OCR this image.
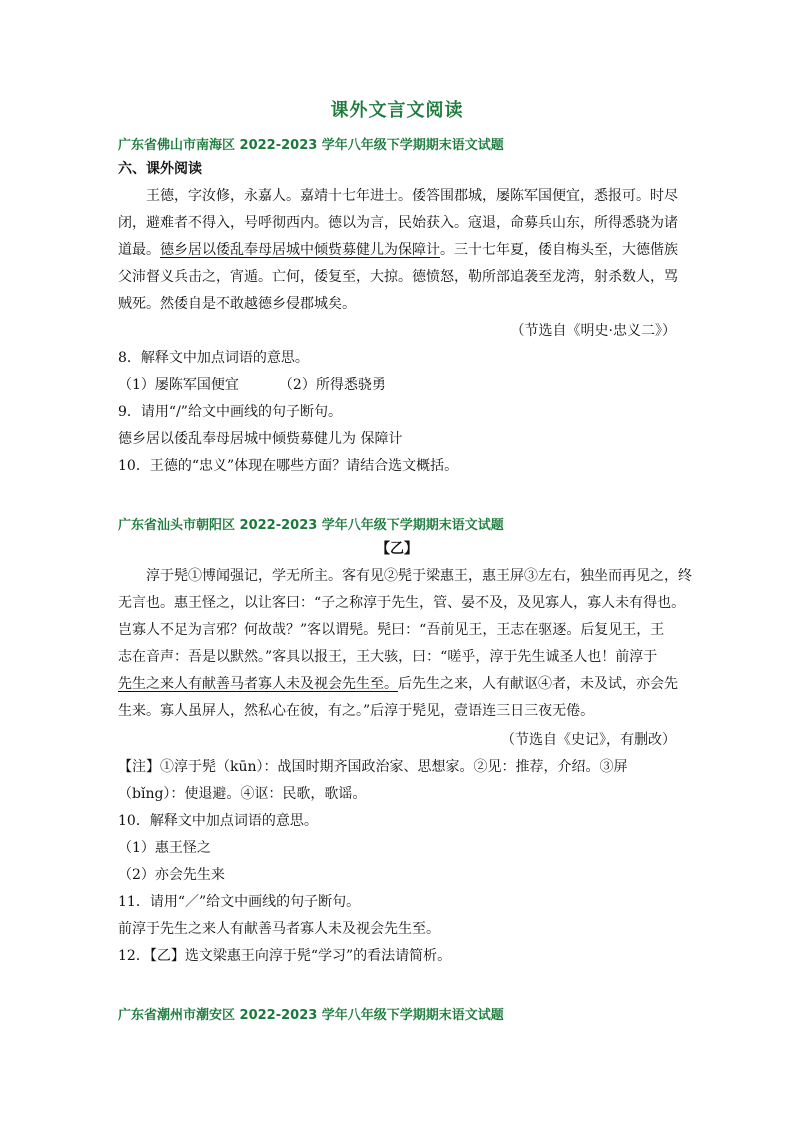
课外文言文阅读
广东省佛山市南海区 2022-2023 学年八年级下学期期末语文试题
六、课外阅读
王德，字汝修，永嘉人。嘉靖十七年进士。倭答围郡城，屡陈军国便宜，悉报可。时尽
闭，避难者不得入，号呼彻西内。德以为言，民始获入。寇退，命募兵山东，所得悉骁为诸
道最。德乡居以倭乱奉母居城中倾赀募健儿为保障计。三十七年夏，倭自梅头至，大德偕族
父沛督义兵击之，宵遁。亡何，倭复至，大掠。德愤怒，勒所部追袭至龙湾，射杀数人，骂
贼死。然倭自是不敢越德乡侵郡城矣。
（节选自《明史·忠义二》）
8．解释文中加点词语的意思。
（1）屡陈军国便宜	（2）所得悉骁勇
9．请用“/”给文中画线的句子断句。
德乡居以倭乱奉母居城中倾赀募健儿为 保障计
10．王德的“忠义”体现在哪些方面？请结合选文概括。
广东省汕头市朝阳区 2022-2023 学年八年级下学期期末语文试题
【乙】
淳于髡①博闻强记，学无所主。客有见②髡于梁惠王，惠王屏③左右，独坐而再见之，终
无言也。惠王怪之，以让客曰：“子之称淳于先生，管、晏不及，及见寡人，寡人未有得也。
岂寡人不足为言邪？何故哉？”客以谓髡。髡曰：“吾前见王，王志在驱逐。后复见王，王
志在音声：吾是以默然。”客具以报王，王大骇，曰：“嗟乎，淳于先生诚圣人也！前淳于
先生之来人有献善马者寡人未及视会先生至。后先生之来，人有献讴④者，未及试，亦会先
生来。寡人虽屏人，然私心在彼，有之。”后淳于髡见，壹语连三日三夜无倦。
（节选自《史记》，有删改）
【注】①淳于髡（kūn）：战国时期齐国政治家、思想家。②见：推荐，介绍。③屏
（bǐng）：使退避。④讴：民歌，歌谣。
10．解释文中加点词语的意思。
（1）惠王怪之
（2）亦会先生来
11．请用“／”给文中画线的句子断句。
前淳于先生之来人有献善马者寡人未及视会先生至。
12．【乙】选文梁惠王向淳于髡“学习”的看法请简析。
广东省潮州市潮安区 2022-2023 学年八年级下学期期末语文试题
